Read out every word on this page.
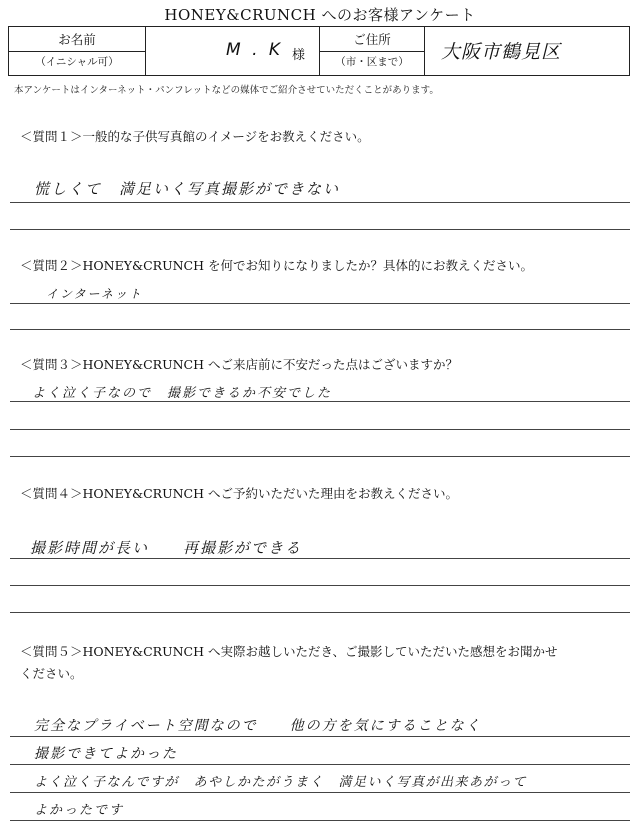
HONEY&CRUNCH へのお客様アンケート
お名前
（イニシャル可）
M . K 様
ご住所
（市・区まで）	大阪市鶴見区
本アンケートはインターネット・パンフレットなどの媒体でご紹介させていただくことがあります。
＜質問１＞一般的な子供写真館のイメージをお教えください。
慌しくて　満足いく写真撮影ができない
＜質問２＞HONEY&CRUNCH を何でお知りになりましたか？具体的にお教えください。
インターネット
＜質問３＞HONEY&CRUNCH へご来店前に不安だった点はございますか？
よく泣く子なので　撮影できるか不安でした
＜質問４＞HONEY&CRUNCH へご予約いただいた理由をお教えください。
撮影時間が長い　　再撮影ができる
＜質問５＞HONEY&CRUNCH へ実際お越しいただき、ご撮影していただいた感想をお聞かせ
ください。
完全なプライベート空間なので　　他の方を気にすることなく
撮影できてよかった
よく泣く子なんですが　あやしかたがうまく　満足いく写真が出来あがって
よかったです
